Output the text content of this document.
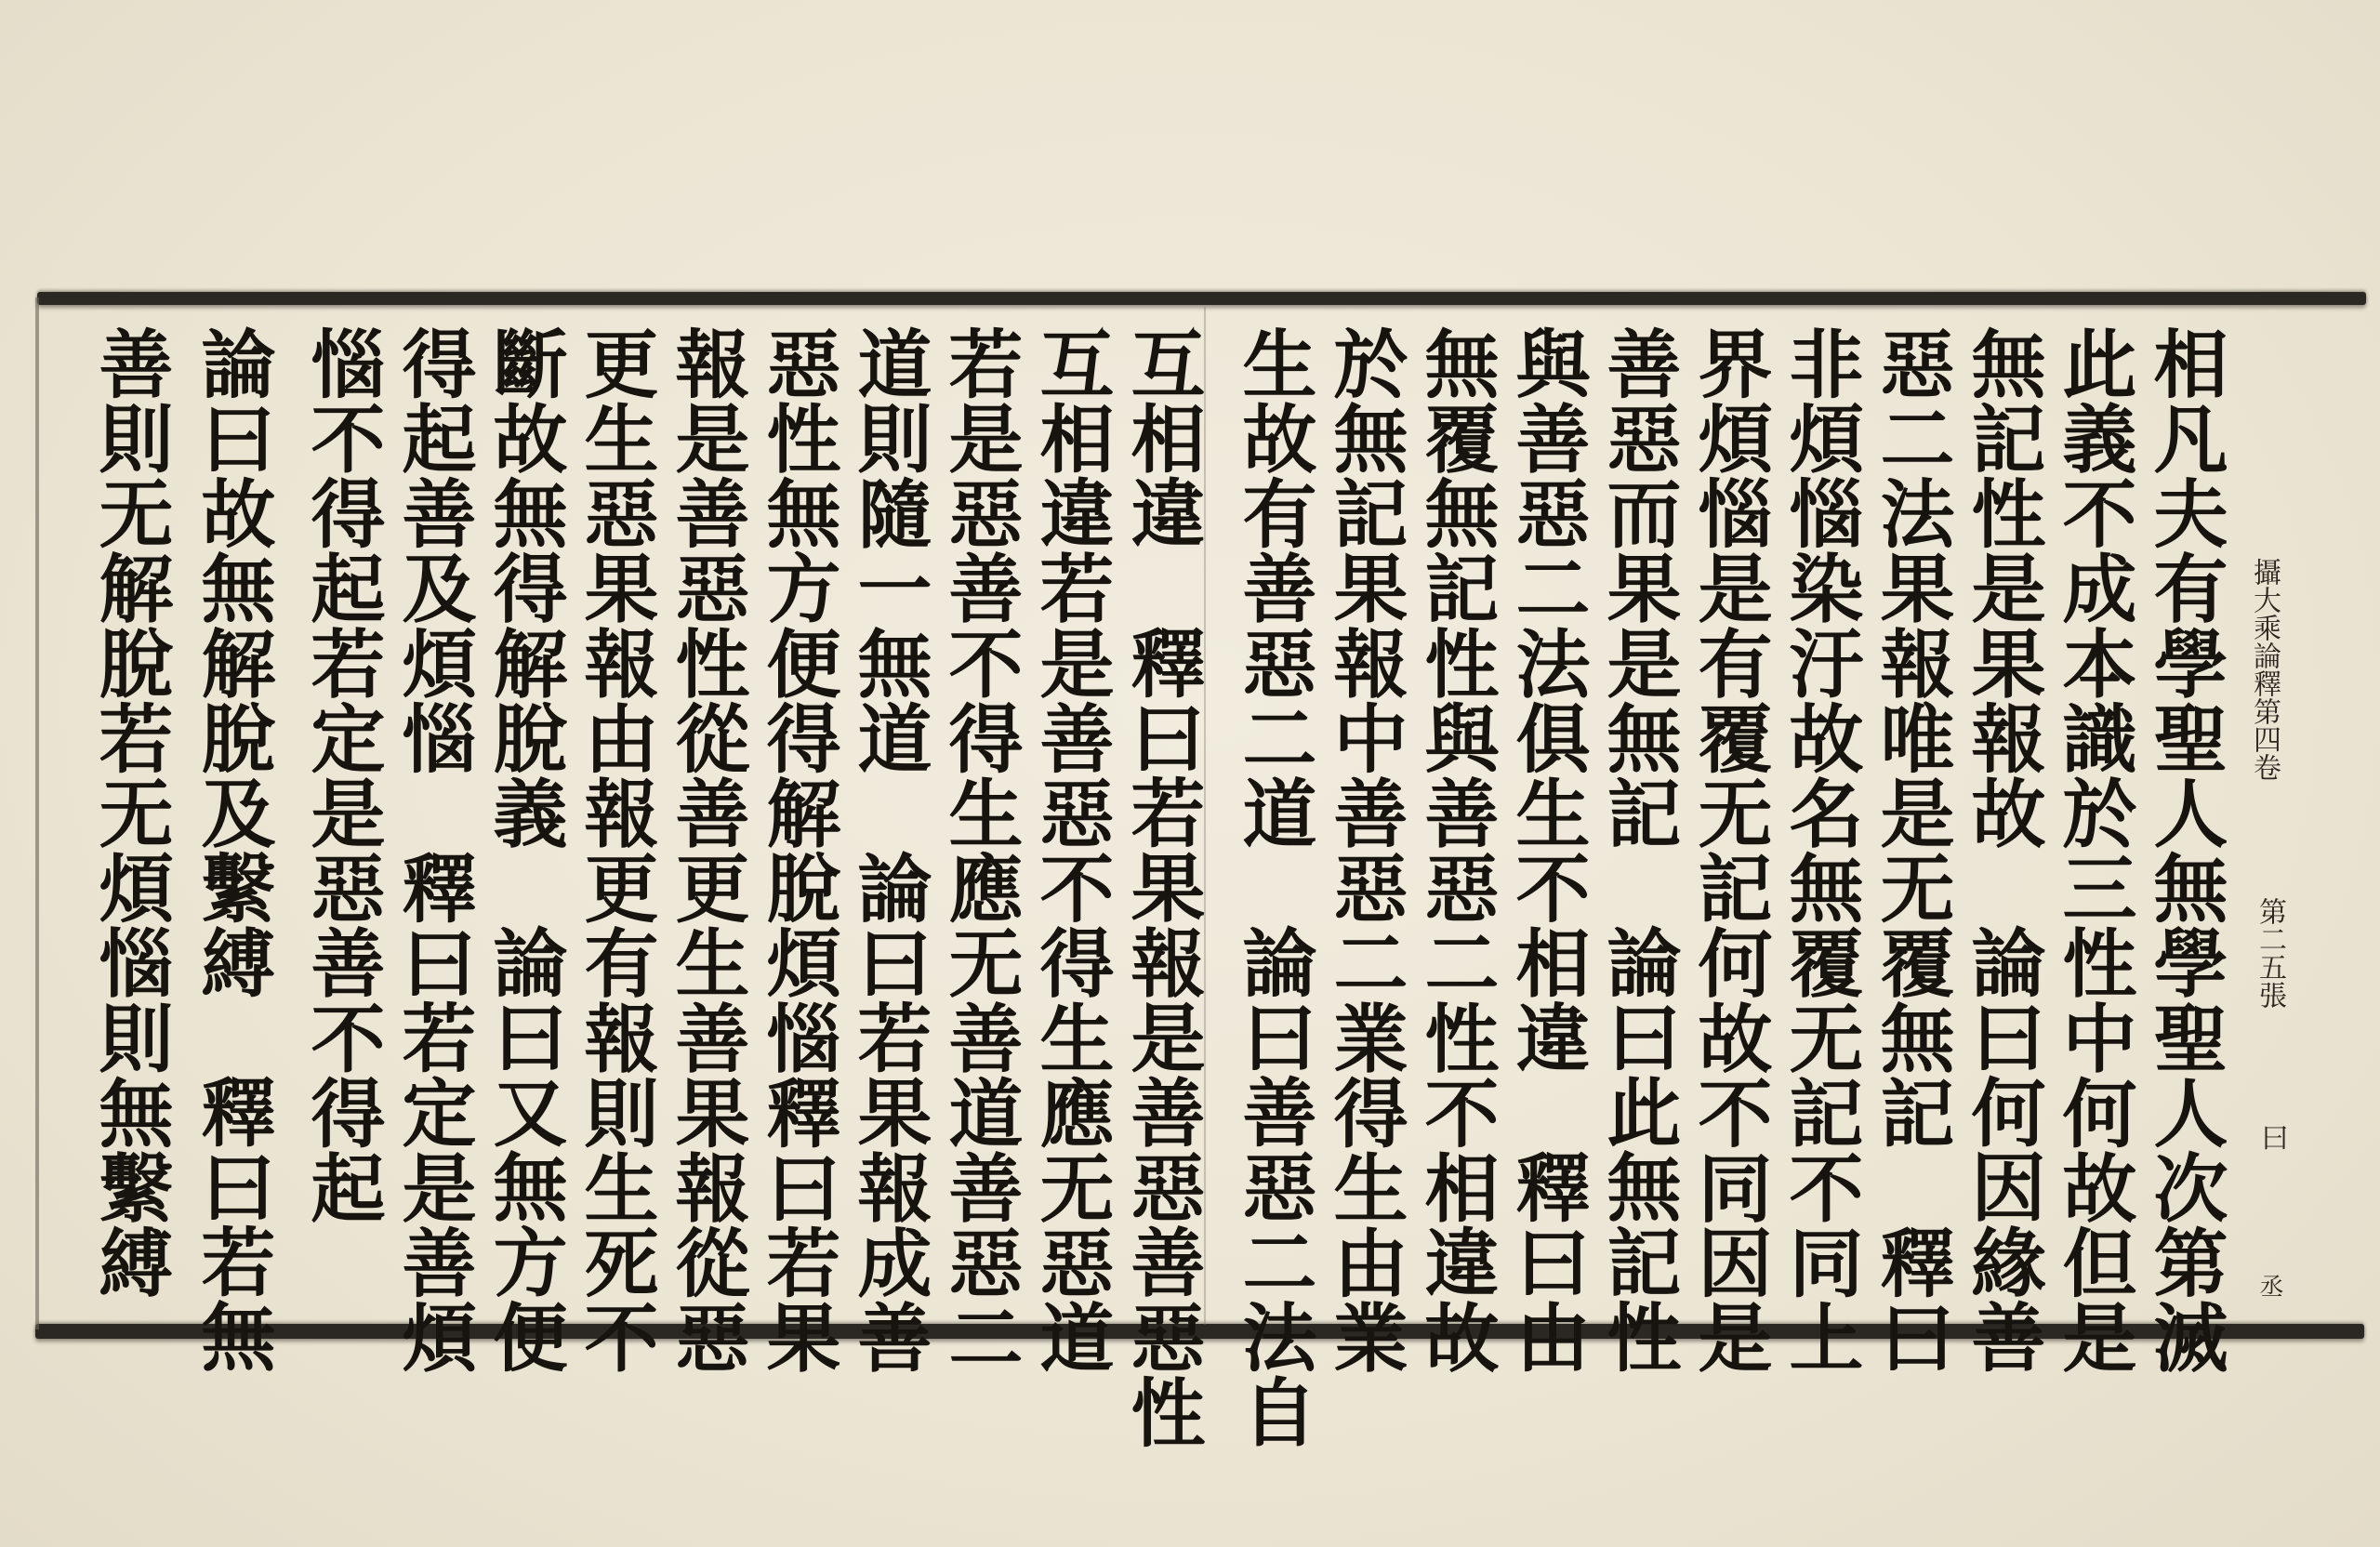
攝大乘論釋第四卷
第二五張
曰
丞
相凡夫有學聖人無學聖人次第滅
此義不成本識於三性中何故但是
無記性是果報故論曰何因緣善
惡二法果報唯是无覆無記釋曰
非煩惱染汙故名無覆无記不同上
界煩惱是有覆无記何故不同因是
善惡而果是無記論曰此無記性
與善惡二法俱生不相違釋曰由
無覆無記性與善惡二性不相違故
於無記果報中善惡二業得生由業
生故有善惡二道論曰善惡二法自
互相違釋曰若果報是善惡善惡性
互相違若是善惡不得生應无惡道
若是惡善不得生應无善道善惡二
道則隨一無道論曰若果報成善
惡性無方便得解脫煩惱釋曰若果
報是善惡性從善更生善果報從惡
更生惡果報由報更有報則生死不
斷故無得解脫義論曰又無方便
得起善及煩惱釋曰若定是善煩
惱不得起若定是惡善不得起
論曰故無解脫及繫縛釋曰若無
善則无解脫若无煩惱則無繫縛
